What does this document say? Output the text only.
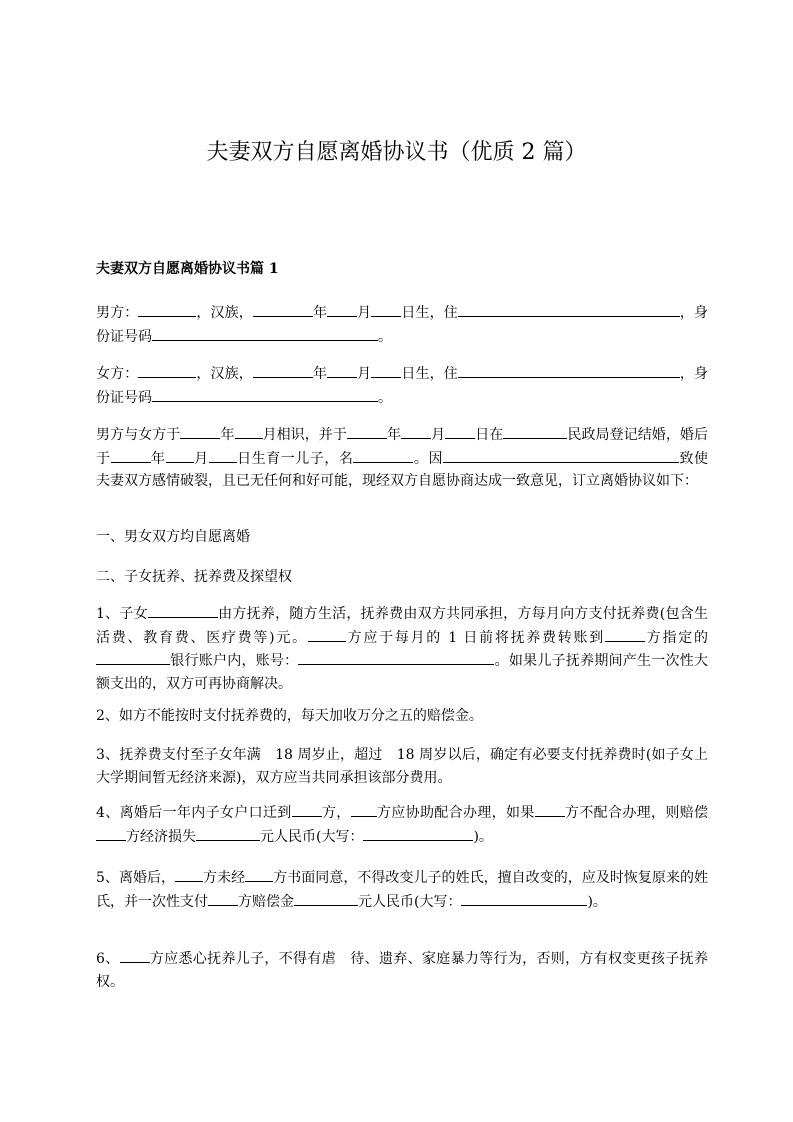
夫妻双方自愿离婚协议书（优质 2 篇）
夫妻双方自愿离婚协议书篇 1

男方：	，汉族，	年 月 日生，住	，身份证号码	。

女方：	，汉族，	年 月 日生，住	，身份证号码	。

男方与女方于	年 月相识，并于	年 月 日在	民政局登记结婚，婚后于	年 月 日生育一儿子，名	。因	致使夫妻双方感情破裂，且已无任何和好可能，现经双方自愿协商达成一致意见，订立离婚协议如下：

一、男女双方均自愿离婚

二、子女抚养、抚养费及探望权

1、子女	由方抚养，随方生活，抚养费由双方共同承担，方每月向方支付抚养费(包含生活费、教育费、医疗费等)元。	方应于每月的 1 日前将抚养费转账到	方指定的银行账户内，账号：	。如果儿子抚养期间产生一次性大额支出的，双方可再协商解决。

2、如方不能按时支付抚养费的，每天加收万分之五的赔偿金。

3、抚养费支付至子女年满　18 周岁止，超过　18 周岁以后，确定有必要支付抚养费时(如子女上大学期间暂无经济来源)，双方应当共同承担该部分费用。

4、离婚后一年内子女户口迁到 方， 方应协助配合办理，如果 方不配合办理，则赔偿方经济损失	元人民币(大写：	)。

5、离婚后， 方未经 方书面同意，不得改变儿子的姓氏，擅自改变的，应及时恢复原来的姓氏，并一次性支付 方赔偿金	元人民币(大写：	)。

6、 方应悉心抚养儿子，不得有虐　待、遗弃、家庭暴力等行为，否则，方有权变更孩子抚养权。
